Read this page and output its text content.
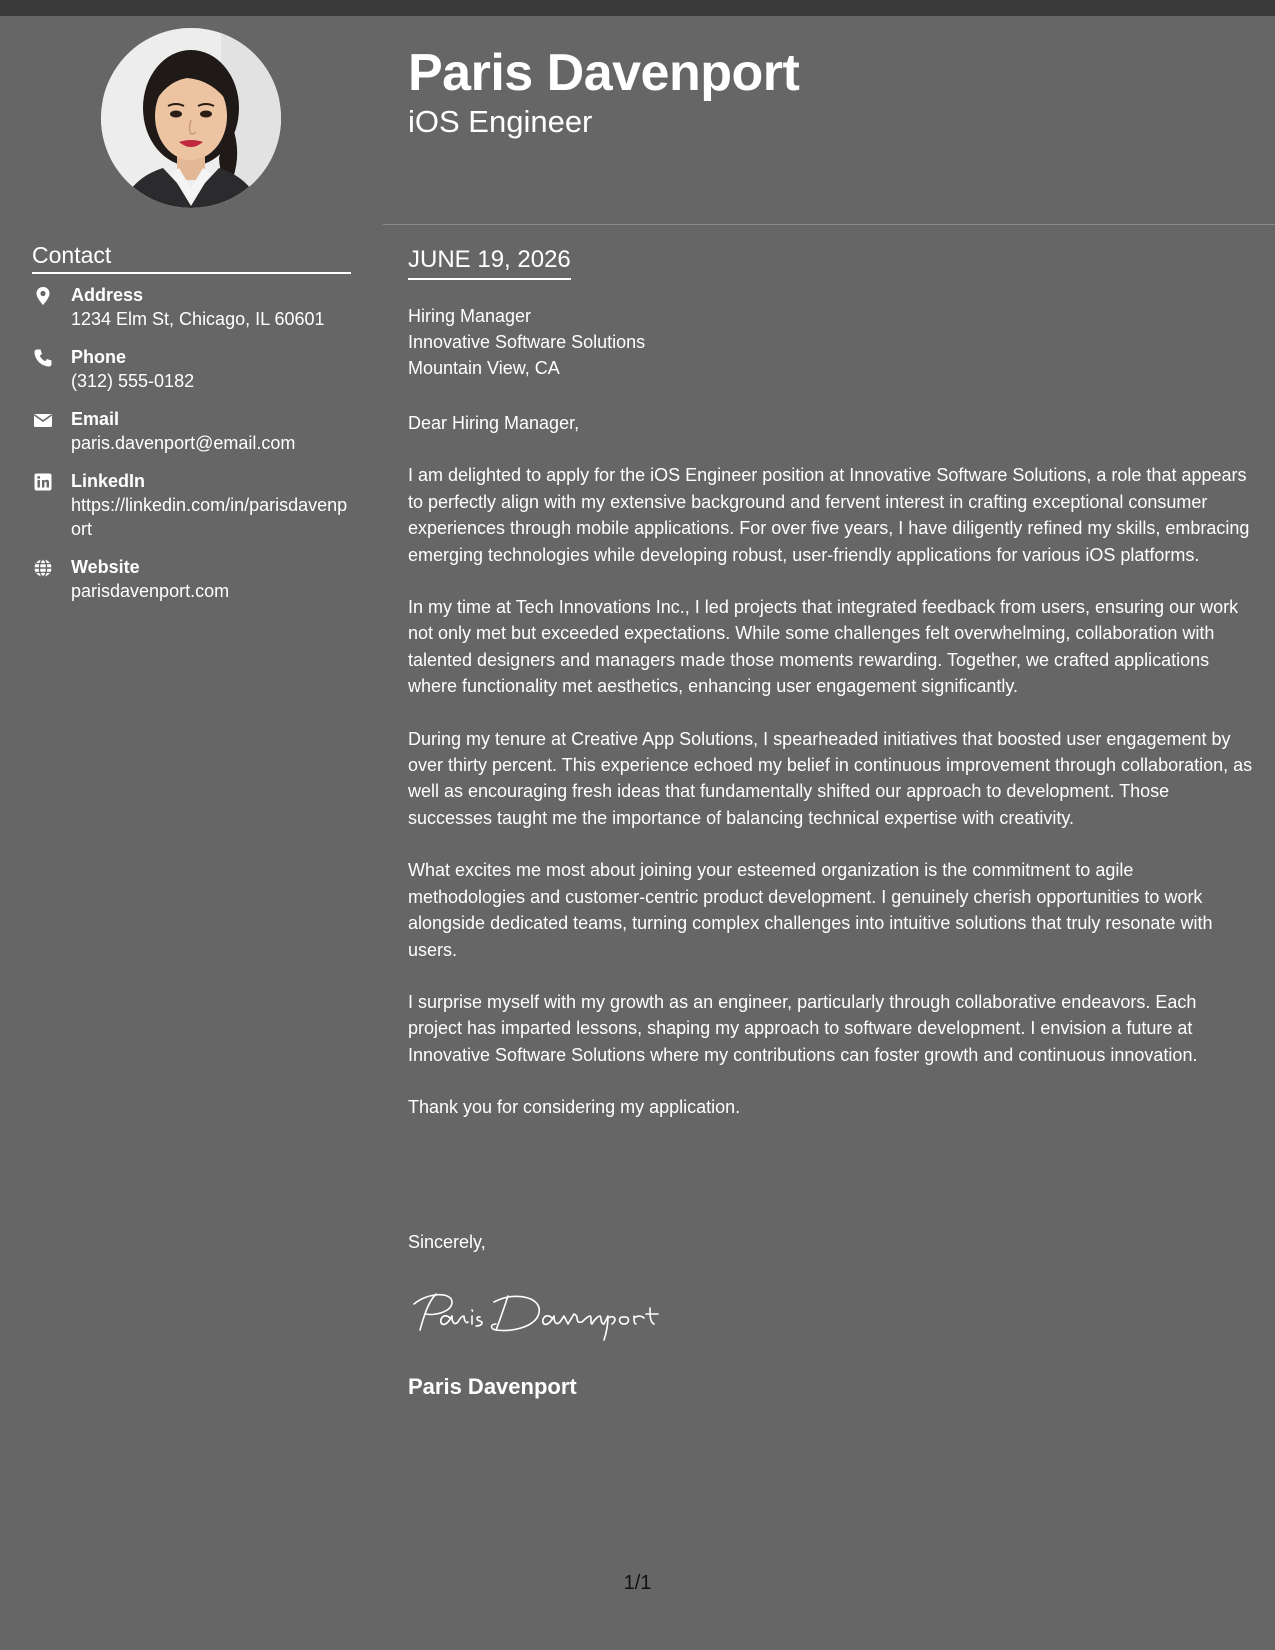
Contact
Address
1234 Elm St, Chicago, IL 60601
Phone
(312) 555-0182
Email
paris.davenport@email.com
LinkedIn
https://linkedin.com/in/parisdavenport
Website
parisdavenport.com
Paris Davenport
iOS Engineer
JUNE 19, 2026
Hiring Manager
Innovative Software Solutions
Mountain View, CA

Dear Hiring Manager,

I am delighted to apply for the iOS Engineer position at Innovative Software Solutions, a role that appears to perfectly align with my extensive background and fervent interest in crafting exceptional consumer experiences through mobile applications. For over five years, I have diligently refined my skills, embracing emerging technologies while developing robust, user-friendly applications for various iOS platforms.

In my time at Tech Innovations Inc., I led projects that integrated feedback from users, ensuring our work not only met but exceeded expectations. While some challenges felt overwhelming, collaboration with talented designers and managers made those moments rewarding. Together, we crafted applications where functionality met aesthetics, enhancing user engagement significantly.

During my tenure at Creative App Solutions, I spearheaded initiatives that boosted user engagement by over thirty percent. This experience echoed my belief in continuous improvement through collaboration, as well as encouraging fresh ideas that fundamentally shifted our approach to development. Those successes taught me the importance of balancing technical expertise with creativity.

What excites me most about joining your esteemed organization is the commitment to agile methodologies and customer-centric product development. I genuinely cherish opportunities to work alongside dedicated teams, turning complex challenges into intuitive solutions that truly resonate with users.

I surprise myself with my growth as an engineer, particularly through collaborative endeavors. Each project has imparted lessons, shaping my approach to software development. I envision a future at Innovative Software Solutions where my contributions can foster growth and continuous innovation.

Thank you for considering my application.

Sincerely,
Paris Davenport
1/1
